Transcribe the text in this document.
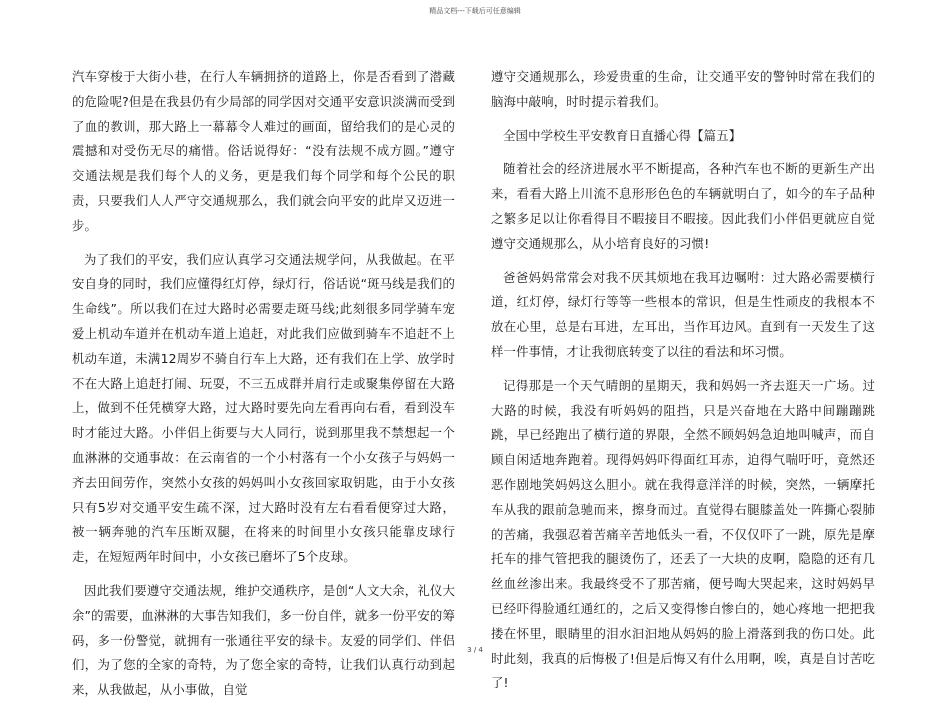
精品文档---下载后可任意编辑

汽车穿梭于大街小巷，在行人车辆拥挤的道路上，你是否看到了潜藏的危险呢?但是在我县仍有少局部的同学因对交通平安意识淡满而受到了血的教训，那大路上一幕幕令人难过的画面，留给我们的是心灵的震撼和对受伤无尽的痛惜。俗话说得好：“没有法规不成方圆。”遵守交通法规是我们每个人的义务，更是我们每个同学和每个公民的职责，只要我们人人严守交通规那么，我们就会向平安的此岸又迈进一步。

为了我们的平安，我们应认真学习交通法规学问，从我做起。在平安自身的同时，我们应懂得红灯停，绿灯行，俗话说“斑马线是我们的生命线”。所以我们在过大路时必需要走斑马线;此刻很多同学骑车宠爱上机动车道并在机动车道上追赶，对此我们应做到骑车不追赶不上机动车道，未满12周岁不骑自行车上大路，还有我们在上学、放学时不在大路上追赶打闹、玩耍，不三五成群并肩行走或聚集停留在大路上，做到不任凭横穿大路，过大路时要先向左看再向右看，看到没车时才能过大路。小伴侣上街要与大人同行，说到那里我不禁想起一个血淋淋的交通事故：在云南省的一个小村落有一个小女孩子与妈妈一齐去田间劳作，突然小女孩的妈妈叫小女孩回家取钥匙，由于小女孩只有5岁对交通平安生疏不深，过大路时没有左右看看便穿过大路，被一辆奔驰的汽车压断双腿，在将来的时间里小女孩只能靠皮球行走，在短短两年时间中，小女孩已磨坏了5个皮球。

因此我们要遵守交通法规，维护交通秩序，是创“人文大余，礼仪大余”的需要，血淋淋的大事告知我们，多一份自伴，就多一份平安的筹码，多一份警觉，就拥有一张通往平安的绿卡。友爱的同学们、伴侣们，为了您的全家的奇特，为了您全家的奇特，让我们认真行动到起来，从我做起，从小事做，自觉

遵守交通规那么，珍爱贵重的生命，让交通平安的警钟时常在我们的脑海中敲响，时时提示着我们。

全国中学校生平安教育日直播心得【篇五】

随着社会的经济进展水平不断提高，各种汽车也不断的更新生产出来，看看大路上川流不息形形色色的车辆就明白了，如今的车子品种之繁多足以让你看得目不暇接目不暇接。因此我们小伴侣更就应自觉遵守交通规那么，从小培育良好的习惯!

爸爸妈妈常常会对我不厌其烦地在我耳边嘱咐：过大路必需要横行道，红灯停，绿灯行等等一些根本的常识，但是生性顽皮的我根本不放在心里，总是右耳进，左耳出，当作耳边风。直到有一天发生了这样一件事情，才让我彻底转变了以往的看法和坏习惯。

记得那是一个天气晴朗的星期天，我和妈妈一齐去逛天一广场。过大路的时候，我没有听妈妈的阻挡，只是兴奋地在大路中间蹦蹦跳跳，早已经跑出了横行道的界限，全然不顾妈妈急迫地叫喊声，而自顾自闲适地奔跑着。现得妈妈吓得面红耳赤，迫得气喘吁吁，竟然还恶作剧地笑妈妈这么胆小。就在我得意洋洋的时候，突然，一辆摩托车从我的跟前急驰而来，擦身而过。直觉得右腿膝盖处一阵撕心裂肺的苦痛，我强忍着苦痛辛苦地低头一看，不仅仅吓了一跳，原先是摩托车的排气管把我的腿烫伤了，还丢了一大块的皮啊，隐隐的还有几丝血丝渗出来。我最终受不了那苦痛，便号啕大哭起来，这时妈妈早已经吓得脸通红通红的，之后又变得惨白惨白的，她心疼地一把把我搂在怀里，眼睛里的泪水汩汩地从妈妈的脸上滑落到我的伤口处。此时此刻，我真的后悔极了!但是后悔又有什么用啊，唉，真是自讨苦吃了!

3 / 4
